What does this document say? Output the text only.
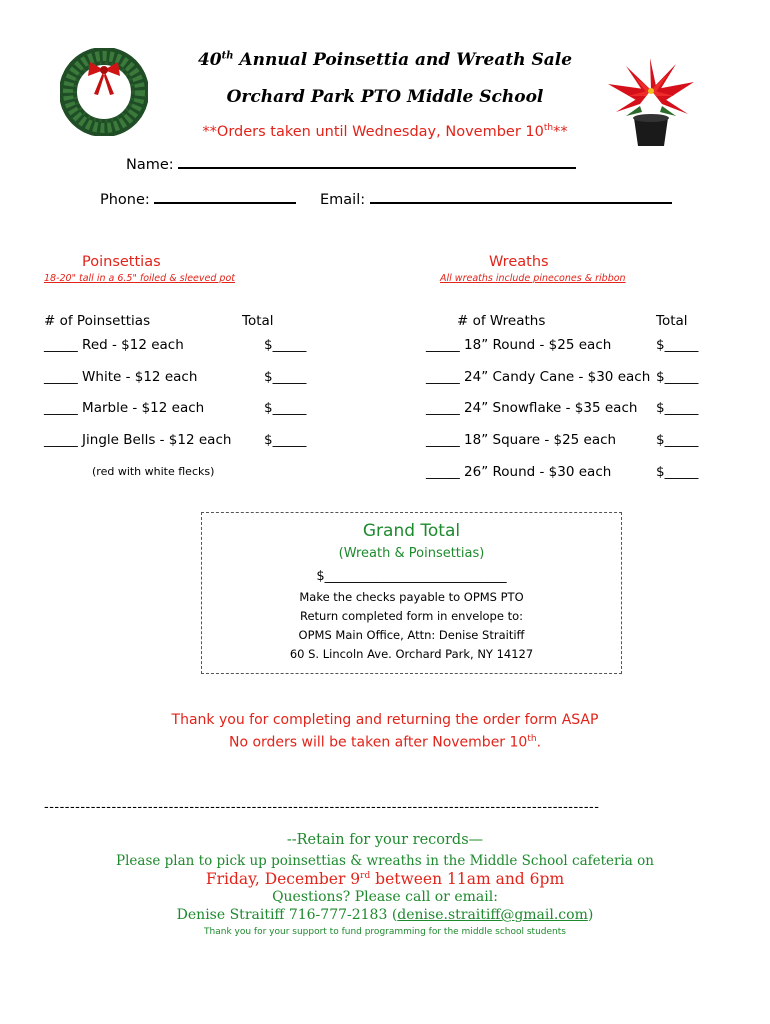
40th Annual Poinsettia and Wreath Sale
Orchard Park PTO Middle School
**Orders taken until Wednesday, November 10th**
Name:
Phone:	Email:
Poinsettias
18-20" tall in a 6.5" foiled & sleeved pot
Wreaths
All wreaths include pinecones & ribbon
# of Poinsettias	Total	# of Wreaths	Total
_____ Red - $12 each	$_____
_____ White - $12 each	$_____
_____ Marble - $12 each	$_____
_____ Jingle Bells - $12 each $_____
(red with white flecks)
_____ 18” Round - $25 each	$_____
_____ 24” Candy Cane - $30 each $_____
_____ 24” Snowflake - $35 each $_____
_____ 18” Square - $25 each	$_____
_____ 26” Round - $30 each	$_____
Grand Total
(Wreath & Poinsettias)
$____________________________
Make the checks payable to OPMS PTO
Return completed form in envelope to:
OPMS Main Office, Attn: Denise Straitiff
60 S. Lincoln Ave. Orchard Park, NY 14127
Thank you for completing and returning the order form ASAP
No orders will be taken after November 10th.
-----------------------------------------------------------------------------------------------------------
--Retain for your records—
Please plan to pick up poinsettias & wreaths in the Middle School cafeteria on
Friday, December 9rd between 11am and 6pm
Questions? Please call or email:
Denise Straitiff 716-777-2183 (denise.straitiff@gmail.com)
Thank you for your support to fund programming for the middle school students
